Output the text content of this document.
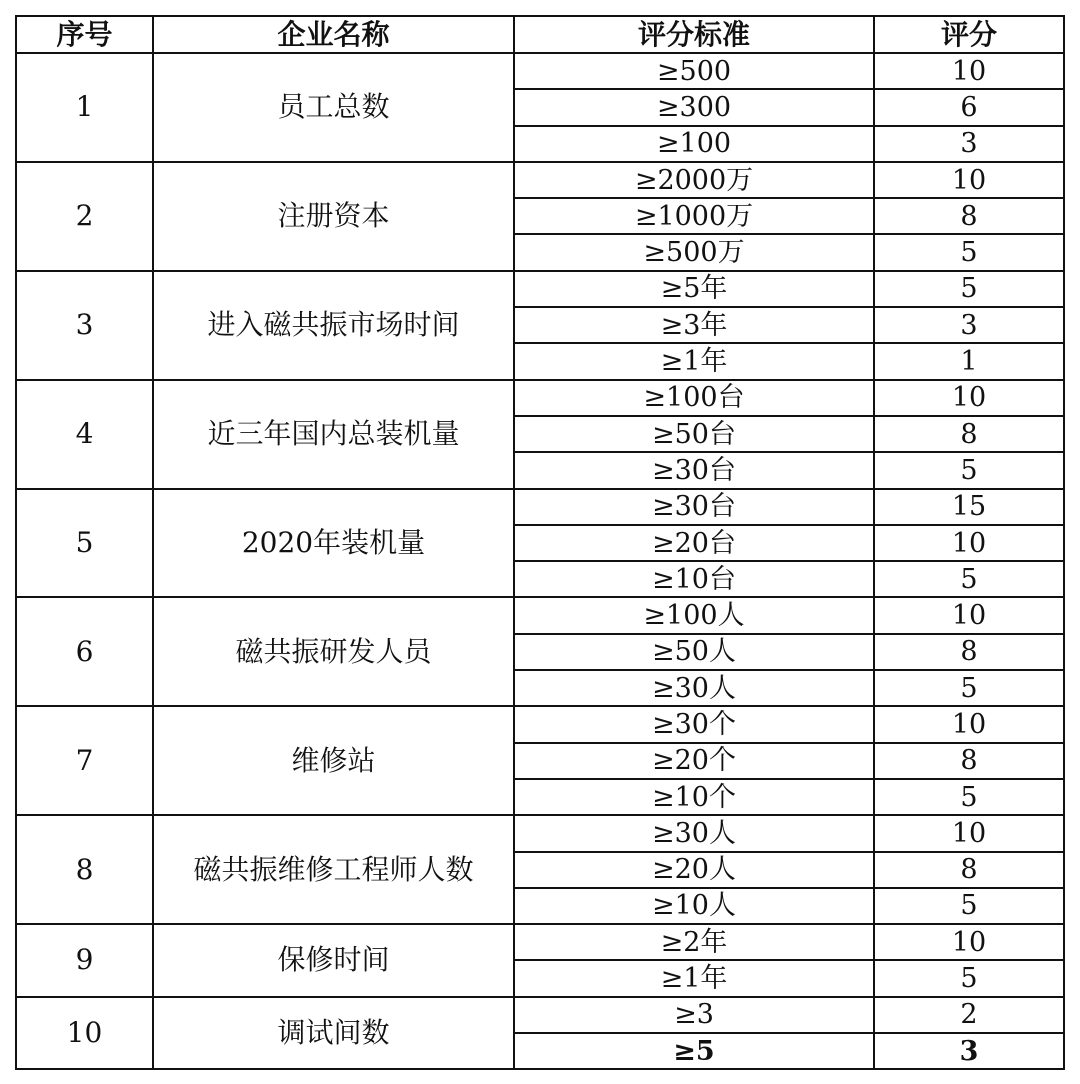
序号	企业名称	评分标准	评分
1	员工总数	≥500	10
		≥300	6
		≥100	3
2	注册资本	≥2000万	10
		≥1000万	8
		≥500万	5
3	进入磁共振市场时间	≥5年	5
		≥3年	3
		≥1年	1
4	近三年国内总装机量	≥100台	10
		≥50台	8
		≥30台	5
5	2020年装机量	≥30台	15
		≥20台	10
		≥10台	5
6	磁共振研发人员	≥100人	10
		≥50人	8
		≥30人	5
7	维修站	≥30个	10
		≥20个	8
		≥10个	5
8	磁共振维修工程师人数	≥30人	10
		≥20人	8
		≥10人	5
9	保修时间	≥2年	10
		≥1年	5
10	调试间数	≥3	2
		≥5	3
